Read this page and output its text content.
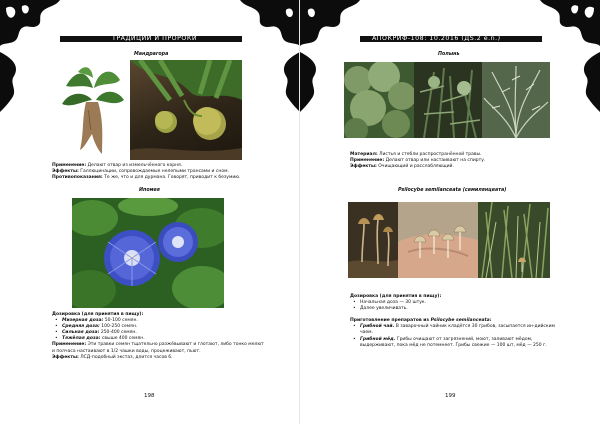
ТРАДИЦИИ И ПРОРОКИ
Мандрагора

Применение: Делают отвар из измельчённого корня.

Эффекты: Галлюцинации, сопровождаемые нелепыми трансами и сном.

Противопоказания: Те же, что и для дурмана. Говорят, приводит к безумию.

Ипомея

Дозировка (для принятия в пищу):

• Мизерная доза: 50-100 семян.
• Средняя доза: 100-250 семян.
• Сильная доза: 250-400 семян.
• Тяжёлая доза: свыше 400 семян.

Применение: Эти травки семян тщательно разжёвывают и глотают, либо тонко мелют и полчаса настаивают в 1/2 чашки воды, процеживают, пьют.

Эффекты: ЛСД-подобный экстаз, длится часов 6.

198
АПОКРИФ-108: 10.2016 (ДS.2 e.n.)
Полынь

Материал: Листья и стебли распространённой травы.

Применение: Делают отвар или настаивают на спирту.

Эффекты: Очищающий и расслабляющий.

Psilocybe semilanceata (семилянцеата)

Дозировка (для принятия в пищу):

• Начальная доза — 30 штук.
• Далее увеличивать.

Приготовление препаратов из Psilocybe semilanceata:

• Грибной чай. В заварочный чайник кладётся 30 грибов, засыпается ин-дийским чаем.
• Грибной мёд. Грибы очищают от загрязнений, моют, заливают мёдом, выдерживают, пока мёд не потемнеет. Грибы свежие — 100 шт, мёд — 250 г.
199
